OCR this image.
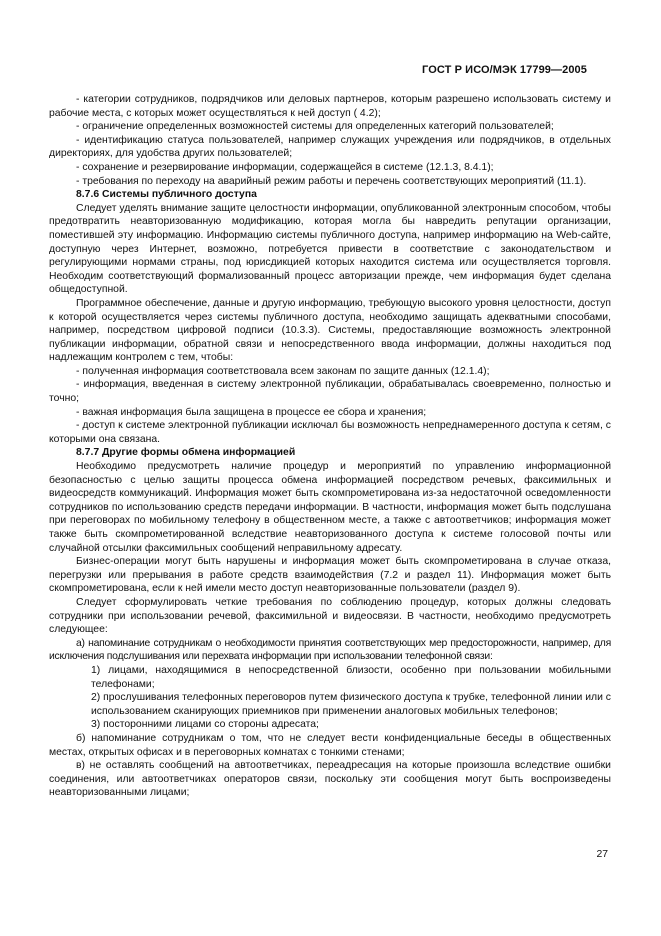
ГОСТ Р ИСО/МЭК 17799—2005

- категории сотрудников, подрядчиков или деловых партнеров, которым разрешено использовать систему и рабочие места, с которых может осуществляться к ней доступ ( 4.2);

- ограничение определенных возможностей системы для определенных категорий пользователей;

- идентификацию статуса пользователей, например служащих учреждения или подрядчиков, в отдельных директориях, для удобства других пользователей;

- сохранение и резервирование информации, содержащейся в системе (12.1.3, 8.4.1);

- требования по переходу на аварийный режим работы и перечень соответствующих мероприятий (11.1).

8.7.6 Системы публичного доступа

Следует уделять внимание защите целостности информации, опубликованной электронным способом, чтобы предотвратить неавторизованную модификацию, которая могла бы навредить репутации организации, поместившей эту информацию. Информацию системы публичного доступа, например информацию на Web-сайте, доступную через Интернет, возможно, потребуется привести в соответствие с законодательством и регулирующими нормами страны, под юрисдикцией которых находится система или осуществляется торговля. Необходим соответствующий формализованный процесс авторизации прежде, чем информация будет сделана общедоступной.

Программное обеспечение, данные и другую информацию, требующую высокого уровня целостности, доступ к которой осуществляется через системы публичного доступа, необходимо защищать адекватными способами, например, посредством цифровой подписи (10.3.3). Системы, предоставляющие возможность электронной публикации информации, обратной связи и непосредственного ввода информации, должны находиться под надлежащим контролем с тем, чтобы:

- полученная информация соответствовала всем законам по защите данных (12.1.4);

- информация, введенная в систему электронной публикации, обрабатывалась своевременно, полностью и точно;

- важная информация была защищена в процессе ее сбора и хранения;

- доступ к системе электронной публикации исключал бы возможность непреднамеренного доступа к сетям, с которыми она связана.

8.7.7 Другие формы обмена информацией

Необходимо предусмотреть наличие процедур и мероприятий по управлению информационной безопасностью с целью защиты процесса обмена информацией посредством речевых, факсимильных и видеосредств коммуникаций. Информация может быть скомпрометирована из-за недостаточной осведомленности сотрудников по использованию средств передачи информации. В частности, информация может быть подслушана при переговорах по мобильному телефону в общественном месте, а также с автоответчиков; информация может также быть скомпрометированной вследствие неавторизованного доступа к системе голосовой почты или случайной отсылки факсимильных сообщений неправильному адресату.

Бизнес-операции могут быть нарушены и информация может быть скомпрометирована в случае отказа, перегрузки или прерывания в работе средств взаимодействия (7.2 и раздел 11). Информация может быть скомпрометирована, если к ней имели место доступ неавторизованные пользователи (раздел 9).

Следует сформулировать четкие требования по соблюдению процедур, которых должны следовать сотрудники при использовании речевой, факсимильной и видеосвязи. В частности, необходимо предусмотреть следующее:

а) напоминание сотрудникам о необходимости принятия соответствующих мер предосторожности, например, для исключения подслушивания или перехвата информации при использовании телефонной связи:

1) лицами, находящимися в непосредственной близости, особенно при пользовании мобильными телефонами;

2) прослушивания телефонных переговоров путем физического доступа к трубке, телефонной линии или с использованием сканирующих приемников при применении аналоговых мобильных телефонов;

3) посторонними лицами со стороны адресата;

б) напоминание сотрудникам о том, что не следует вести конфиденциальные беседы в общественных местах, открытых офисах и в переговорных комнатах с тонкими стенами;

в) не оставлять сообщений на автоответчиках, переадресация на которые произошла вследствие ошибки соединения, или автоответчиках операторов связи, поскольку эти сообщения могут быть воспроизведены неавторизованными лицами;

27
